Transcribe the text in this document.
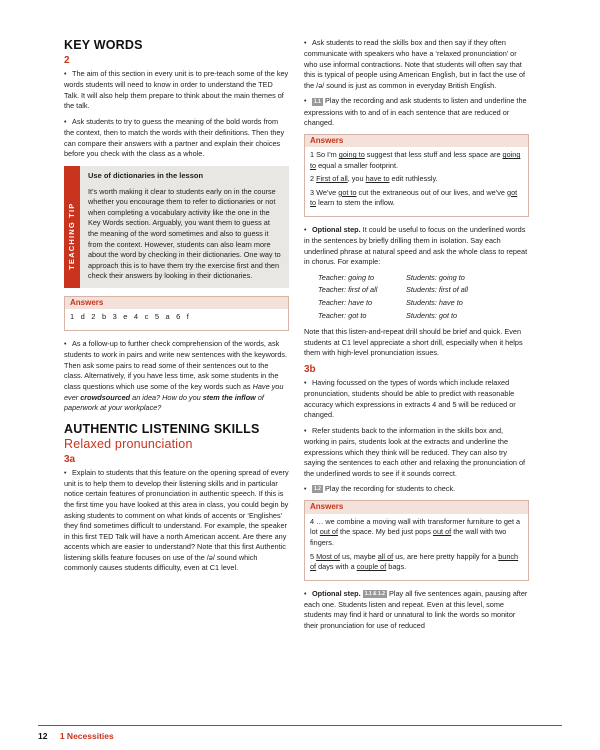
KEY WORDS
2

• The aim of this section in every unit is to pre-teach some of the key words students will need to know in order to understand the TED Talk. It will also help them prepare to think about the main themes of the talk.

• Ask students to try to guess the meaning of the bold words from the context, then to match the words with their definitions. Then they can compare their answers with a partner and explain their choices before you check with the class as a whole.

TEACHING TIP
Use of dictionaries in the lesson

It’s worth making it clear to students early on in the course whether you encourage them to refer to dictionaries or not when completing a vocabulary activity like the one in the Key Words section. Arguably, you want them to guess at the meaning of the word sometimes and also to guess it from the context. However, students can also learn more about the word by checking in their dictionaries. One way to approach this is to have them try the exercise first and then check their answers by looking in their dictionaries.

Answers

1 d 2 b 3 e 4 c 5 a 6 f

• As a follow-up to further check comprehension of the words, ask students to work in pairs and write new sentences with the keywords. Then ask some pairs to read some of their sentences out to the class. Alternatively, if you have less time, ask some students in the class questions which use some of the key words such as Have you ever crowdsourced an idea? How do you stem the inflow of paperwork at your workplace?

AUTHENTIC LISTENING SKILLS Relaxed pronunciation
3a

• Explain to students that this feature on the opening spread of every unit is to help them to develop their listening skills and in particular notice certain features of pronunciation in authentic speech. If this is the first time you have looked at this area in class, you could begin by asking students to comment on what kinds of accents or ‘Englishes’ they find sometimes difficult to understand. For example, the speaker in this first TED Talk will have a north American accent. Are there any accents which are easier to understand? Note that this first Authentic listening skills feature focuses on use of the /ə/ sound which commonly causes students difficulty, even at C1 level.

• Ask students to read the skills box and then say if they often communicate with speakers who have a ‘relaxed pronunciation’ or who use informal contractions. Note that students will often say that this is typical of people using American English, but in fact the use of the /ə/ sound is just as common in everyday British English.

• 1.1 Play the recording and ask students to listen and underline the expressions with to and of in each sentence that are reduced or changed.

Answers

1 So I’m going to suggest that less stuff and less space are going to equal a smaller footprint.

2 First of all, you have to edit ruthlessly.

3 We’ve got to cut the extraneous out of our lives, and we’ve got to learn to stem the inflow.

• Optional step. It could be useful to focus on the underlined words in the sentences by briefly drilling them in isolation. Say each underlined phrase at natural speed and ask the whole class to repeat in chorus. For example:

Teacher: going to	Students: going to
Teacher: first of all	Students: first of all
Teacher: have to	Students: have to
Teacher: got to	Students: got to

Note that this listen-and-repeat drill should be brief and quick. Even students at C1 level appreciate a short drill, especially when it helps them with high-level pronunciation issues.

3b

• Having focussed on the types of words which include relaxed pronunciation, students should be able to predict with reasonable accuracy which expressions in extracts 4 and 5 will be reduced or changed.

• Refer students back to the information in the skills box and, working in pairs, students look at the extracts and underline the expressions which they think will be reduced. They can also try saying the sentences to each other and relaxing the pronunciation of the underlined words to see if it sounds correct.

• 1.2 Play the recording for students to check.

Answers

4 … we combine a moving wall with transformer furniture to get a lot out of the space. My bed just pops out of the wall with two fingers.

5 Most of us, maybe all of us, are here pretty happily for a bunch of days with a couple of bags.

• Optional step. 1.1 & 1.2 Play all five sentences again, pausing after each one. Students listen and repeat. Even at this level, some students may find it hard or unnatural to link the words so monitor their pronunciation for use of reduced

12 1 Necessities
